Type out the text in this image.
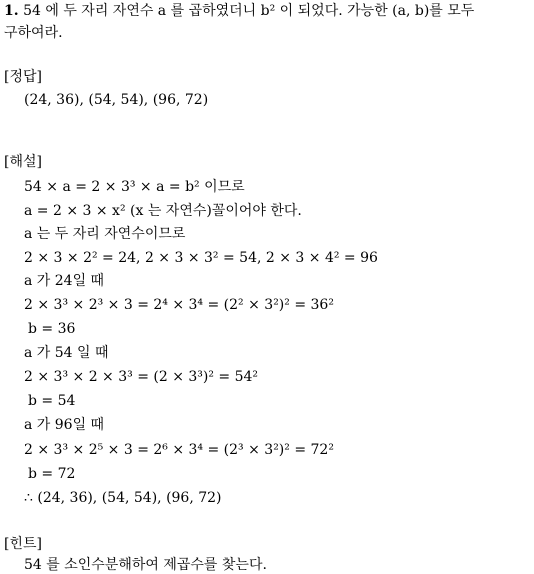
1. 54 에 두 자리 자연수 a 를 곱하였더니 b² 이 되었다. 가능한 (a, b)를 모두
구하여라.
[정답]
(24, 36), (54, 54), (96, 72)
[해설]
54 × a = 2 × 3³ × a = b² 이므로
a = 2 × 3 × x² (x 는 자연수)꼴이어야 한다.
a 는 두 자리 자연수이므로
2 × 3 × 2² = 24, 2 × 3 × 3² = 54, 2 × 3 × 4² = 96
a 가 24일 때
2 × 3³ × 2³ × 3 = 2⁴ × 3⁴ = (2² × 3²)² = 36²
b = 36
a 가 54 일 때
2 × 3³ × 2 × 3³ = (2 × 3³)² = 54²
b = 54
a 가 96일 때
2 × 3³ × 2⁵ × 3 = 2⁶ × 3⁴ = (2³ × 3²)² = 72²
b = 72
∴ (24, 36), (54, 54), (96, 72)
[힌트]
54 를 소인수분해하여 제곱수를 찾는다.
